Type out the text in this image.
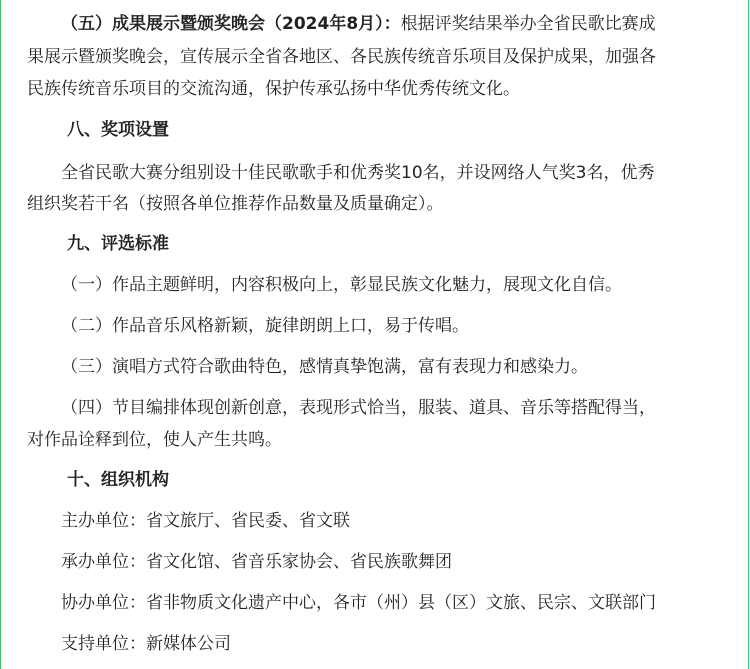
（五）成果展示暨颁奖晚会（2024年8月）：根据评奖结果举办全省民歌比赛成
果展示暨颁奖晚会，宣传展示全省各地区、各民族传统音乐项目及保护成果，加强各
民族传统音乐项目的交流沟通，保护传承弘扬中华优秀传统文化。
八、奖项设置
全省民歌大赛分组别设十佳民歌歌手和优秀奖10名，并设网络人气奖3名，优秀
组织奖若干名（按照各单位推荐作品数量及质量确定）。
九、评选标准
（一）作品主题鲜明，内容积极向上，彰显民族文化魅力，展现文化自信。
（二）作品音乐风格新颖，旋律朗朗上口，易于传唱。
（三）演唱方式符合歌曲特色，感情真挚饱满，富有表现力和感染力。
（四）节目编排体现创新创意，表现形式恰当，服装、道具、音乐等搭配得当，
对作品诠释到位，使人产生共鸣。
十、组织机构
主办单位：省文旅厅、省民委、省文联
承办单位：省文化馆、省音乐家协会、省民族歌舞团
协办单位：省非物质文化遗产中心，各市（州）县（区）文旅、民宗、文联部门
支持单位：新媒体公司
